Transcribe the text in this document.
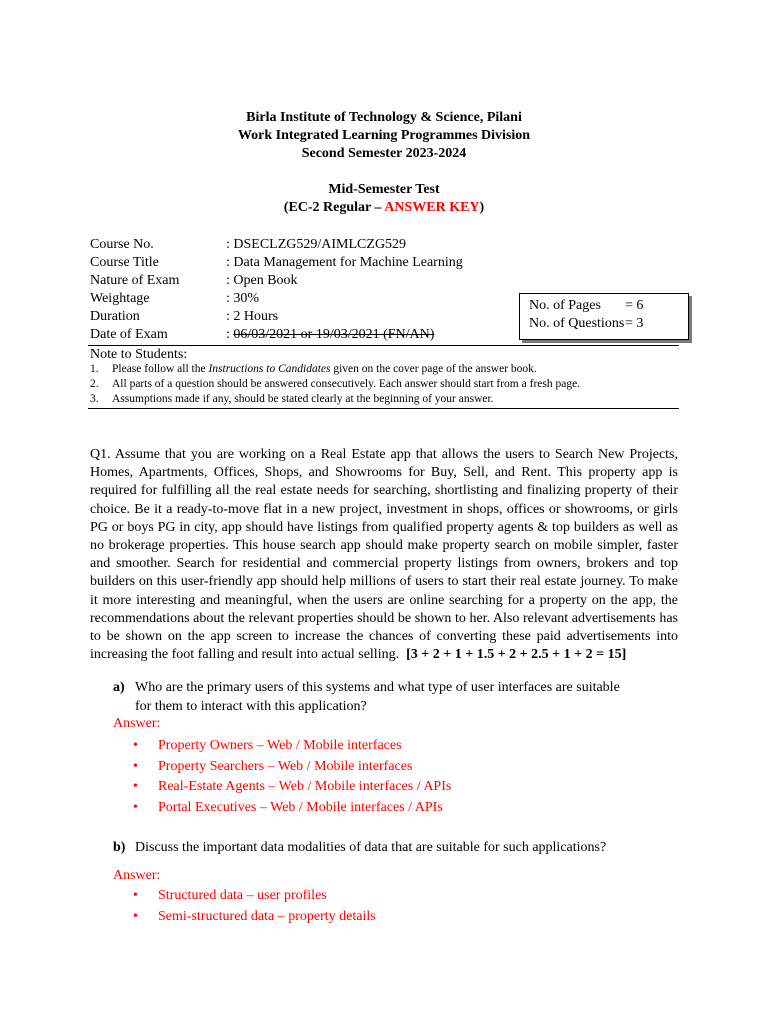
Birla Institute of Technology & Science, Pilani
Work Integrated Learning Programmes Division
Second Semester 2023-2024
Mid-Semester Test
(EC-2 Regular – ANSWER KEY)
Course No.	: DSECLZG529/AIMLCZG529
Course Title	: Data Management for Machine Learning
Nature of Exam	: Open Book
Weightage	: 30%
Duration	: 2 Hours
Date of Exam	: 06/03/2021 or 19/03/2021 (FN/AN)
No. of Pages	= 6
No. of Questions = 3
Note to Students:
1.	Please follow all the Instructions to Candidates given on the cover page of the answer book.
2.	All parts of a question should be answered consecutively. Each answer should start from a fresh page.
3.	Assumptions made if any, should be stated clearly at the beginning of your answer.
Q1. Assume that you are working on a Real Estate app that allows the users to Search New Projects, Homes, Apartments, Offices, Shops, and Showrooms for Buy, Sell, and Rent. This property app is required for fulfilling all the real estate needs for searching, shortlisting and finalizing property of their choice. Be it a ready-to-move flat in a new project, investment in shops, offices or showrooms, or girls PG or boys PG in city, app should have listings from qualified property agents & top builders as well as no brokerage properties. This house search app should make property search on mobile simpler, faster and smoother. Search for residential and commercial property listings from owners, brokers and top builders on this user-friendly app should help millions of users to start their real estate journey. To make it more interesting and meaningful, when the users are online searching for a property on the app, the recommendations about the relevant properties should be shown to her. Also relevant advertisements has to be shown on the app screen to increase the chances of converting these paid advertisements into increasing the foot falling and result into actual selling. [3 + 2 + 1 + 1.5 + 2 + 2.5 + 1 + 2 = 15]
a) Who are the primary users of this systems and what type of user interfaces are suitable
for them to interact with this application?
Answer:
•	Property Owners – Web / Mobile interfaces
•	Property Searchers – Web / Mobile interfaces
•	Real-Estate Agents – Web / Mobile interfaces / APIs
•	Portal Executives – Web / Mobile interfaces / APIs
b) Discuss the important data modalities of data that are suitable for such applications?
Answer:
•	Structured data – user profiles
•	Semi-structured data – property details
